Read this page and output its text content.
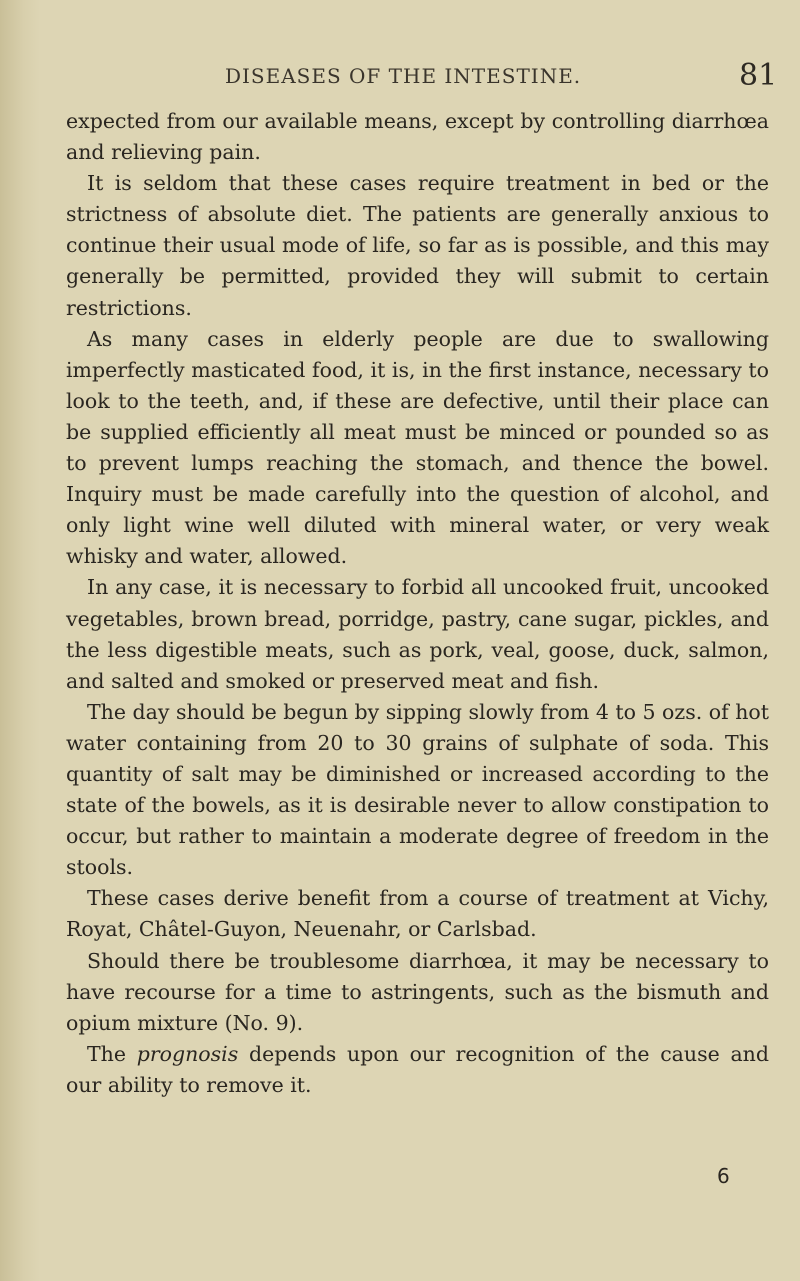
DISEASES OF THE INTESTINE.	81

expected from our available means, except by controlling diarrhœa and relieving pain.

It is seldom that these cases require treatment in bed or the strictness of absolute diet. The patients are generally anxious to continue their usual mode of life, so far as is possible, and this may generally be permitted, provided they will submit to certain restrictions.

As many cases in elderly people are due to swallowing imperfectly masticated food, it is, in the first instance, necessary to look to the teeth, and, if these are defective, until their place can be supplied efficiently all meat must be minced or pounded so as to prevent lumps reaching the stomach, and thence the bowel. Inquiry must be made carefully into the question of alcohol, and only light wine well diluted with mineral water, or very weak whisky and water, allowed.

In any case, it is necessary to forbid all uncooked fruit, uncooked vegetables, brown bread, porridge, pastry, cane sugar, pickles, and the less digestible meats, such as pork, veal, goose, duck, salmon, and salted and smoked or preserved meat and fish.

The day should be begun by sipping slowly from 4 to 5 ozs. of hot water containing from 20 to 30 grains of sulphate of soda. This quantity of salt may be diminished or increased according to the state of the bowels, as it is desirable never to allow constipation to occur, but rather to maintain a moderate degree of freedom in the stools.

These cases derive benefit from a course of treatment at Vichy, Royat, Châtel-Guyon, Neuenahr, or Carlsbad.

Should there be troublesome diarrhœa, it may be necessary to have recourse for a time to astringents, such as the bismuth and opium mixture (No. 9).

The prognosis depends upon our recognition of the cause and our ability to remove it.

6
